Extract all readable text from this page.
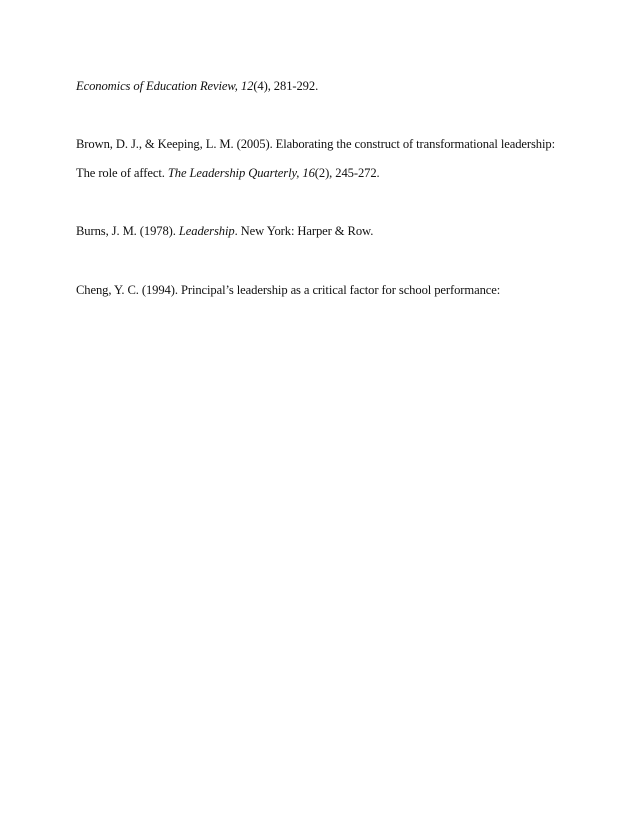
Economics of Education Review, 12(4), 281-292.
Brown, D. J., & Keeping, L. M. (2005). Elaborating the construct of transformational leadership:
The role of affect. The Leadership Quarterly, 16(2), 245-272.
Burns, J. M. (1978). Leadership. New York: Harper & Row.
Cheng, Y. C. (1994). Principal’s leadership as a critical factor for school performance:
